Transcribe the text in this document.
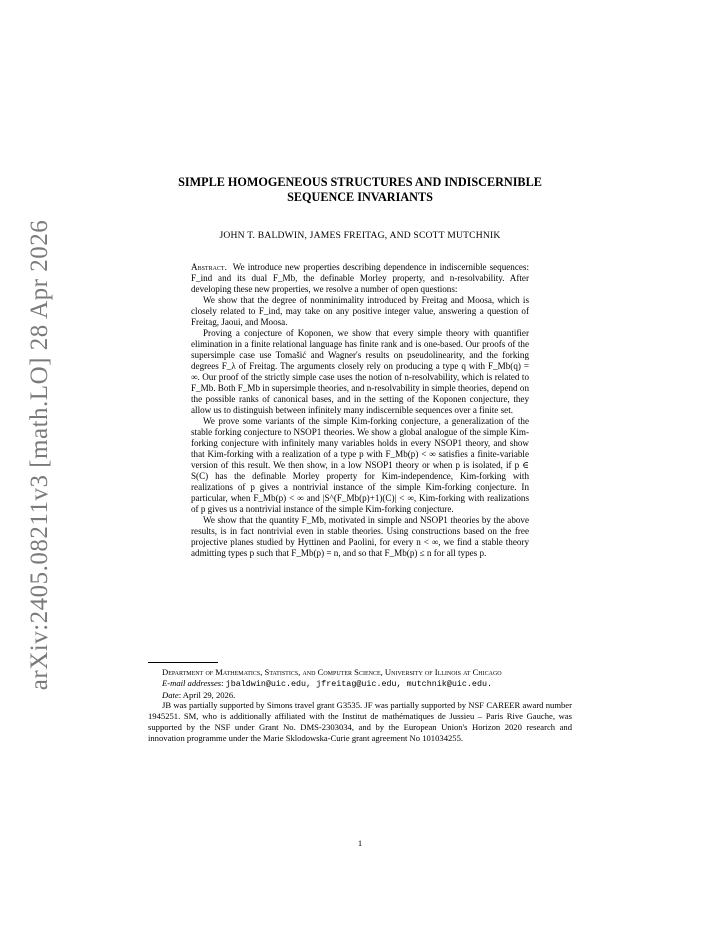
arXiv:2405.08211v3 [math.LO] 28 Apr 2026
SIMPLE HOMOGENEOUS STRUCTURES AND INDISCERNIBLE
SEQUENCE INVARIANTS
JOHN T. BALDWIN, JAMES FREITAG, AND SCOTT MUTCHNIK

Abstract. We introduce new properties describing dependence in indiscernible sequences: F_ind and its dual F_Mb, the definable Morley property, and n-resolvability. After developing these new properties, we resolve a number of open questions:

We show that the degree of nonminimality introduced by Freitag and Moosa, which is closely related to F_ind, may take on any positive integer value, answering a question of Freitag, Jaoui, and Moosa.

Proving a conjecture of Koponen, we show that every simple theory with quantifier elimination in a finite relational language has finite rank and is one-based. Our proofs of the supersimple case use Tomašić and Wagner's results on pseudolinearity, and the forking degrees F_λ of Freitag. The arguments closely rely on producing a type q with F_Mb(q) = ∞. Our proof of the strictly simple case uses the notion of n-resolvability, which is related to F_Mb. Both F_Mb in supersimple theories, and n-resolvability in simple theories, depend on the possible ranks of canonical bases, and in the setting of the Koponen conjecture, they allow us to distinguish between infinitely many indiscernible sequences over a finite set.

We prove some variants of the simple Kim-forking conjecture, a generalization of the stable forking conjecture to NSOP1 theories. We show a global analogue of the simple Kim-forking conjecture with infinitely many variables holds in every NSOP1 theory, and show that Kim-forking with a realization of a type p with F_Mb(p) < ∞ satisfies a finite-variable version of this result. We then show, in a low NSOP1 theory or when p is isolated, if p ∈ S(C) has the definable Morley property for Kim-independence, Kim-forking with realizations of p gives a nontrivial instance of the simple Kim-forking conjecture. In particular, when F_Mb(p) < ∞ and |S^(F_Mb(p)+1)(C)| < ∞, Kim-forking with realizations of p gives us a nontrivial instance of the simple Kim-forking conjecture.

We show that the quantity F_Mb, motivated in simple and NSOP1 theories by the above results, is in fact nontrivial even in stable theories. Using constructions based on the free projective planes studied by Hyttinen and Paolini, for every n < ∞, we find a stable theory admitting types p such that F_Mb(p) = n, and so that F_Mb(p) ≤ n for all types p.

Department of Mathematics, Statistics, and Computer Science, University of Illinois at Chicago

E-mail addresses: jbaldwin@uic.edu, jfreitag@uic.edu, mutchnik@uic.edu.

Date: April 29, 2026.

JB was partially supported by Simons travel grant G3535. JF was partially supported by NSF CAREER award number 1945251. SM, who is additionally affiliated with the Institut de mathématiques de Jussieu – Paris Rive Gauche, was supported by the NSF under Grant No. DMS-2303034, and by the European Union's Horizon 2020 research and innovation programme under the Marie Sklodowska-Curie grant agreement No 101034255.

1
